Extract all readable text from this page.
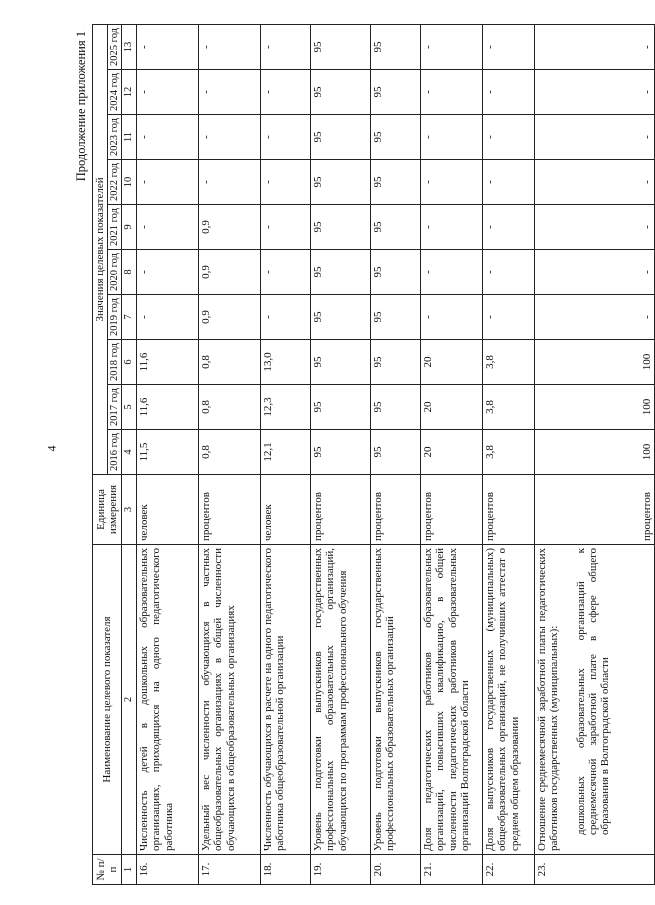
4
Продолжение приложения 1
№ п/п	Наименование целевого показателя	Единица измерения	Значения целевых показателей									
			2016 год	2017 год	2018 год	2019 год	2020 год	2021 год	2022 год	2023 год	2024 год	2025 год
1	2	3	4	5	6	7	8	9	10	11	12	13
16.	Численность детей в дошкольных образовательных организациях, приходящихся на одного педагогического работника	человек	11,5	11,6	11,6	-	-	-	-	-	-	-
17.	Удельный вес численности обучающихся в частных общеобразовательных организациях в общей численности обучающихся в общеобразовательных организациях	процентов	0,8	0,8	0,8	0,9	0,9	0,9	-	-	-	-
18.	Численность обучающихся в расчете на одного педагогического работника общеобразовательной организации	человек	12,1	12,3	13,0	-	-	-	-	-	-	-
19.	Уровень подготовки выпускников государственных профессиональных образовательных организаций, обучающихся по программам профессионального обучения	процентов	95	95	95	95	95	95	95	95	95	95
20.	Уровень подготовки выпускников государственных профессиональных образовательных организаций	процентов	95	95	95	95	95	95	95	95	95	95
21.	Доля педагогических работников образовательных организаций, повысивших квалификацию, в общей численности педагогических работников образовательных организаций Волгоградской области	процентов	20	20	20	-	-	-	-	-	-	-
22.	Доля выпускников государственных (муниципальных) общеобразовательных организаций, не получивших аттестат о среднем общем образовании	процентов	3,8	3,8	3,8	-	-	-	-	-	-	-
23.	Отношение среднемесячной заработной платы педагогических работников государственных (муниципальных): дошкольных образовательных организаций к среднемесячной заработной плате в сфере общего образования в Волгоградской области	процентов	100	100	100	-	-	-	-	-	-	-
